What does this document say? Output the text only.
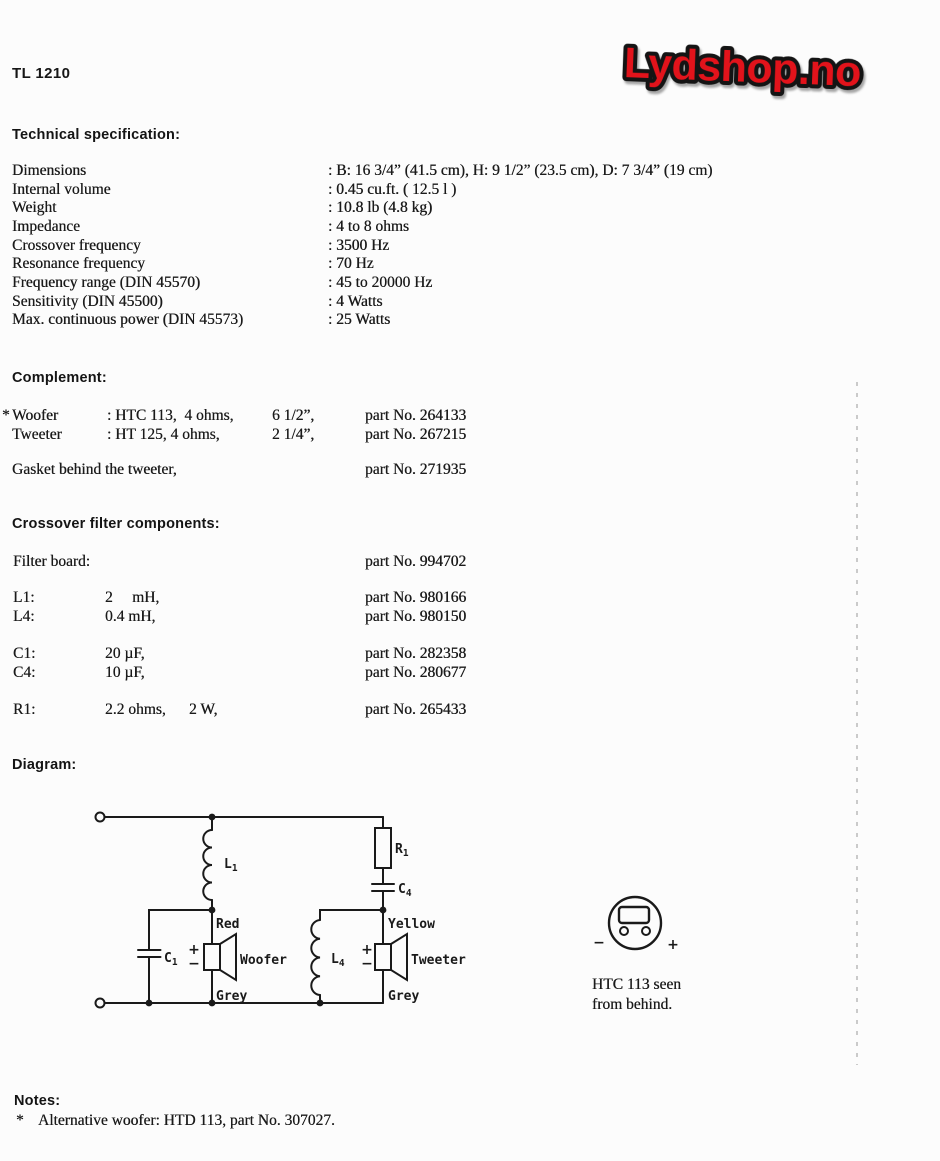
TL 1210	Lydshop.no
Technical specification:
Dimensions	: B: 16 3/4” (41.5 cm), H: 9 1/2” (23.5 cm), D: 7 3/4” (19 cm)
Internal volume	: 0.45 cu.ft. ( 12.5 l )
Weight	: 10.8 lb (4.8 kg)
Impedance	: 4 to 8 ohms
Crossover frequency	: 3500 Hz
Resonance frequency	: 70 Hz
Frequency range (DIN 45570)	: 45 to 20000 Hz
Sensitivity (DIN 45500)	: 4 Watts
Max. continuous power (DIN 45573)	: 25 Watts
Complement:
* Woofer	: HTC 113,  4 ohms, 6 1/2”,	part No. 264133
Tweeter	: HT 125, 4 ohms,	2 1/4”,	part No. 267215
Gasket behind the tweeter,	part No. 271935
Crossover filter components:
Filter board:	part No. 994702
L1:	2     mH,	part No. 980166
L4:	0.4 mH,	part No. 980150
C1:	20 µF,	part No. 282358
C4:	10 µF,	part No. 280677
R1:	2.2 ohms,      2 W,	part No. 265433
Diagram:
$L_1$
$R_1$
$C_4$
$C_1$	$L_4$
Red
Grey
Yellow
Grey
Woofer	Tweeter
+
−
+
−
−	+
HTC 113 seen
from behind.
Notes:
* Alternative woofer: HTD 113, part No. 307027.
